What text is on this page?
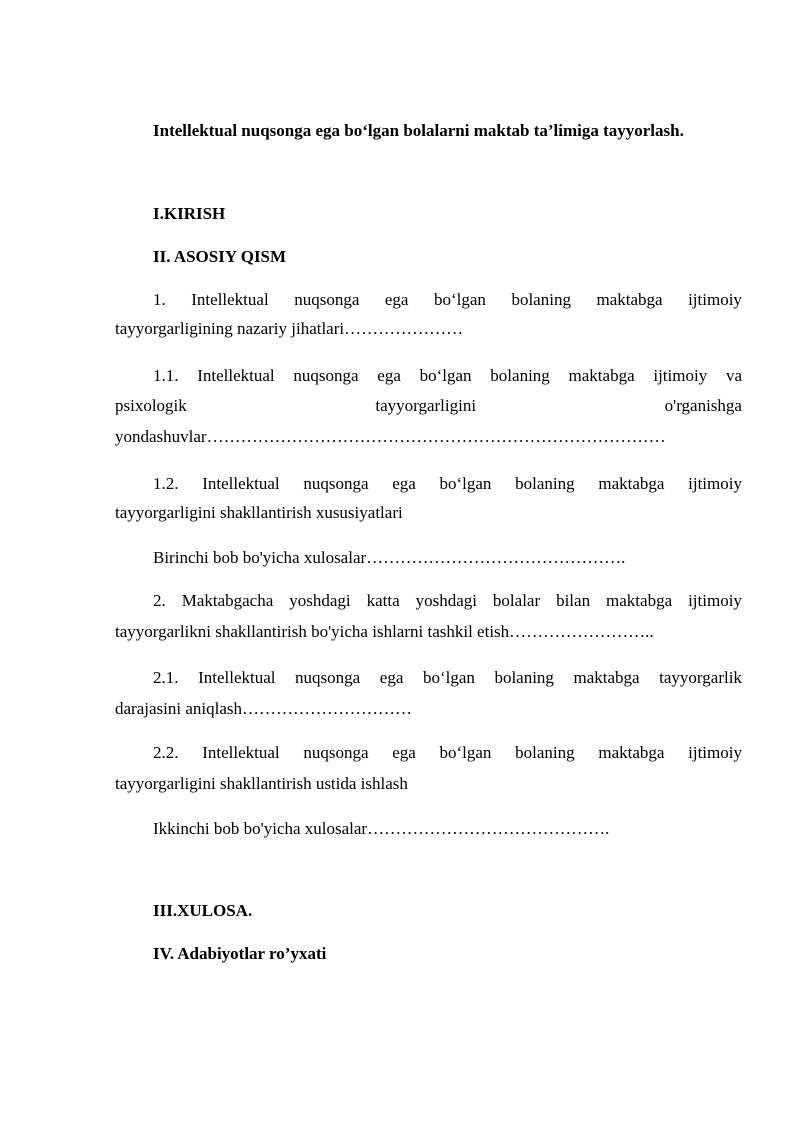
Intellektual nuqsonga ega bo‘lgan bolalarni maktab ta’limiga tayyorlash.
I.KIRISH
II. ASOSIY QISM
1. Intellektual nuqsonga ega bo‘lgan bolaning maktabga ijtimoiy
tayyorgarligining nazariy jihatlari…………………
1.1. Intellektual nuqsonga ega bo‘lgan bolaning maktabga ijtimoiy va
psixologik	tayyorgarligini	o'rganishga
yondashuvlar………………………………………………………………………
1.2. Intellektual nuqsonga ega bo‘lgan bolaning maktabga ijtimoiy
tayyorgarligini shakllantirish xususiyatlari
Birinchi bob bo'yicha xulosalar……………………………………….
2. Maktabgacha yoshdagi katta yoshdagi bolalar bilan maktabga ijtimoiy
tayyorgarlikni shakllantirish bo'yicha ishlarni tashkil etish……………………..
2.1. Intellektual nuqsonga ega bo‘lgan bolaning maktabga tayyorgarlik
darajasini aniqlash…………………………
2.2. Intellektual nuqsonga ega bo‘lgan bolaning maktabga ijtimoiy
tayyorgarligini shakllantirish ustida ishlash
Ikkinchi bob bo'yicha xulosalar…………………………………….
III.XULOSA.
IV. Adabiyotlar ro’yxati
